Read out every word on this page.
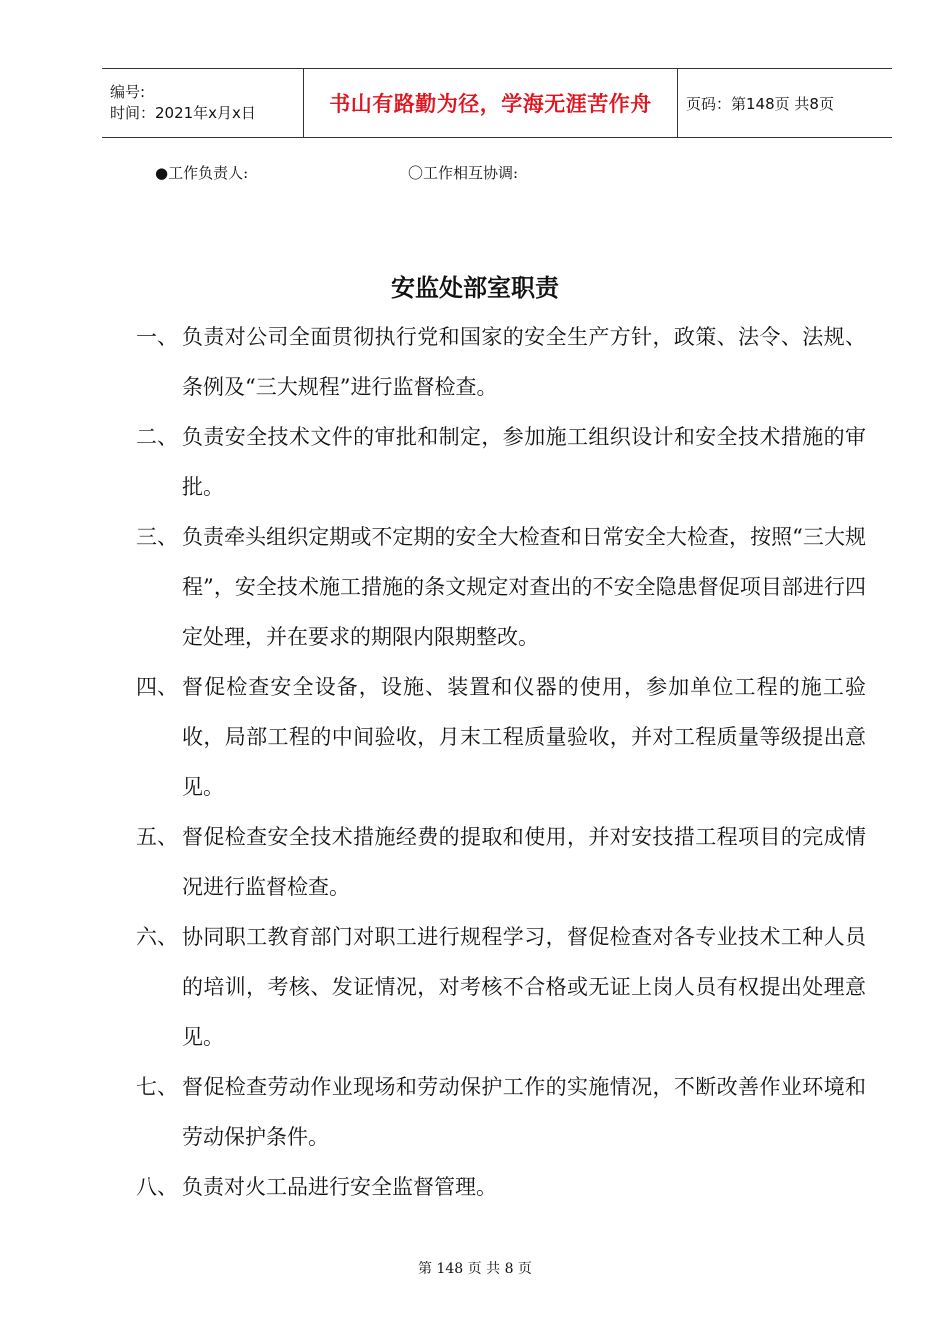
编号:
时间：2021年x月x日	书山有路勤为径，学海无涯苦作舟	页码：第148页 共8页
●工作负责人:	〇工作相互协调:
安监处部室职责
一、 负责对公司全面贯彻执行党和国家的安全生产方针，政策、法令、法规、条例及“三大规程”进行监督检查。
二、 负责安全技术文件的审批和制定，参加施工组织设计和安全技术措施的审批。
三、 负责牵头组织定期或不定期的安全大检查和日常安全大检查，按照“三大规程”，安全技术施工措施的条文规定对查出的不安全隐患督促项目部进行四定处理，并在要求的期限内限期整改。
四、 督促检查安全设备，设施、装置和仪器的使用，参加单位工程的施工验收，局部工程的中间验收，月末工程质量验收，并对工程质量等级提出意见。
五、 督促检查安全技术措施经费的提取和使用，并对安技措工程项目的完成情况进行监督检查。
六、 协同职工教育部门对职工进行规程学习，督促检查对各专业技术工种人员的培训，考核、发证情况，对考核不合格或无证上岗人员有权提出处理意见。
七、 督促检查劳动作业现场和劳动保护工作的实施情况，不断改善作业环境和劳动保护条件。
八、 负责对火工品进行安全监督管理。
第 148 页 共 8 页
